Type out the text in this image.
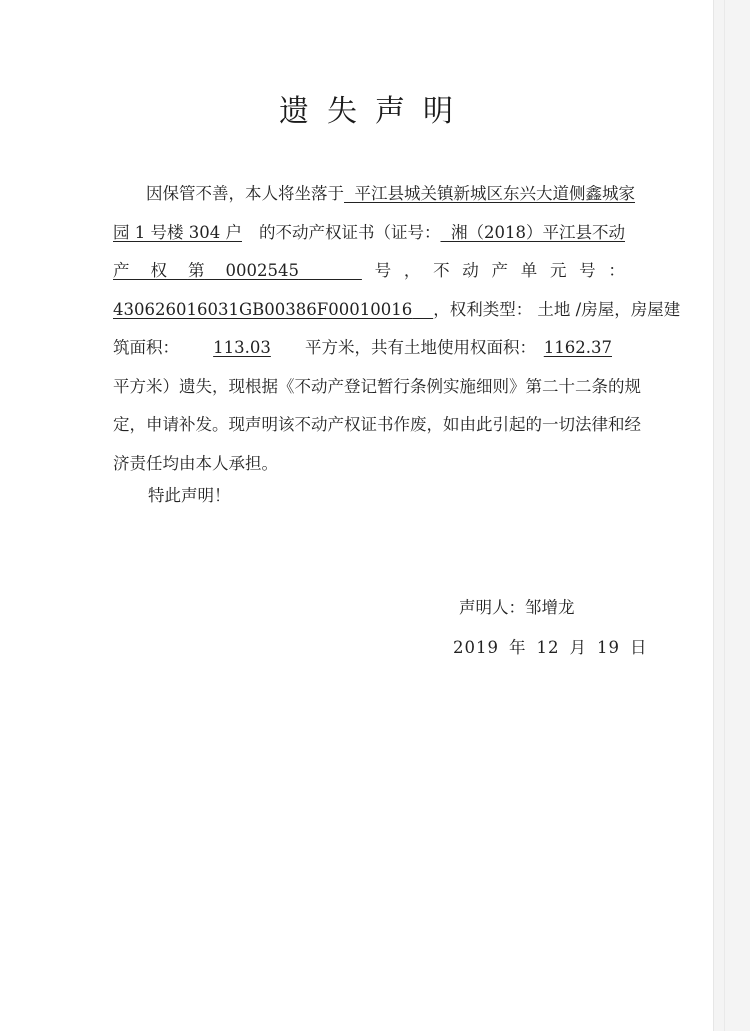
遗失声明
因保管不善，本人将坐落于 平江县城关镇新城区东兴大道侧鑫城家
园 1 号楼 304 户	的不动产权证书（证号： 湘（2018）平江县不动
产 权 第 0002545	号 ， 不 动 产 单 元 号 ：
430626016031GB00386F00010016	，权利类型： 土地 /房屋，房屋建
筑面积：	113.03	平方米，共有土地使用权面积： 1162.37
平方米）遗失，现根据《不动产登记暂行条例实施细则》第二十二条的规
定，申请补发。现声明该不动产权证书作废，如由此引起的一切法律和经
济责任均由本人承担。
特此声明！
声明人：邹增龙
2019 年 12 月 19 日
